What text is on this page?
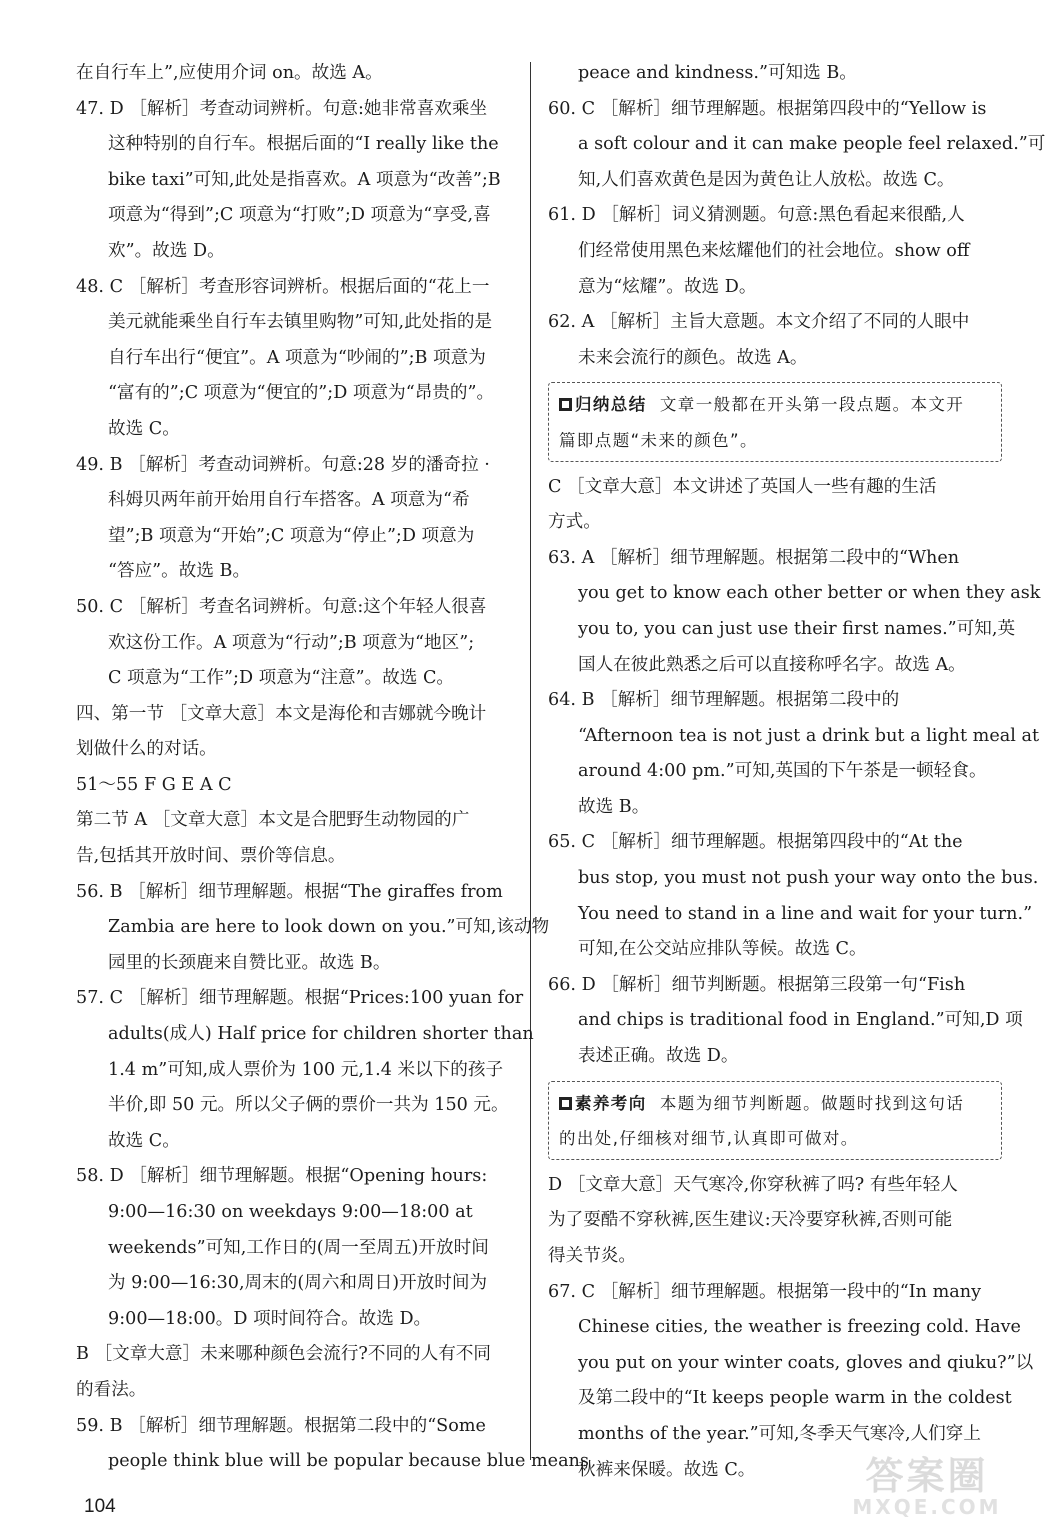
在自行车上”,应使用介词 on。故选 A。
47. D ［解析］考查动词辨析。句意:她非常喜欢乘坐
这种特别的自行车。根据后面的“I really like the
bike taxi”可知,此处是指喜欢。A 项意为“改善”;B
项意为“得到”;C 项意为“打败”;D 项意为“享受,喜
欢”。故选 D。
48. C ［解析］考查形容词辨析。根据后面的“花上一
美元就能乘坐自行车去镇里购物”可知,此处指的是
自行车出行“便宜”。A 项意为“吵闹的”;B 项意为
“富有的”;C 项意为“便宜的”;D 项意为“昂贵的”。
故选 C。
49. B ［解析］考查动词辨析。句意:28 岁的潘奇拉 ·
科姆贝两年前开始用自行车搭客。A 项意为“希
望”;B 项意为“开始”;C 项意为“停止”;D 项意为
“答应”。故选 B。
50. C ［解析］考查名词辨析。句意:这个年轻人很喜
欢这份工作。A 项意为“行动”;B 项意为“地区”;
C 项意为“工作”;D 项意为“注意”。故选 C。
四、第一节 ［文章大意］本文是海伦和吉娜就今晚计
划做什么的对话。
51～55 F G E A C
第二节 A ［文章大意］本文是合肥野生动物园的广
告,包括其开放时间、票价等信息。
56. B ［解析］细节理解题。根据“The giraffes from
Zambia are here to look down on you.”可知,该动物
园里的长颈鹿来自赞比亚。故选 B。
57. C ［解析］细节理解题。根据“Prices:100 yuan for
adults(成人) Half price for children shorter than
1.4 m”可知,成人票价为 100 元,1.4 米以下的孩子
半价,即 50 元。所以父子俩的票价一共为 150 元。
故选 C。
58. D ［解析］细节理解题。根据“Opening hours:
9:00—16:30 on weekdays 9:00—18:00 at
weekends”可知,工作日的(周一至周五)开放时间
为 9:00—16:30,周末的(周六和周日)开放时间为
9:00—18:00。D 项时间符合。故选 D。
B ［文章大意］未来哪种颜色会流行?不同的人有不同
的看法。
59. B ［解析］细节理解题。根据第二段中的“Some
people think blue will be popular because blue means
peace and kindness.”可知选 B。
60. C ［解析］细节理解题。根据第四段中的“Yellow is
a soft colour and it can make people feel relaxed.”可
知,人们喜欢黄色是因为黄色让人放松。故选 C。
61. D ［解析］词义猜测题。句意:黑色看起来很酷,人
们经常使用黑色来炫耀他们的社会地位。show off
意为“炫耀”。故选 D。
62. A ［解析］主旨大意题。本文介绍了不同的人眼中
未来会流行的颜色。故选 A。
归纳总结 文章一般都在开头第一段点题。本文开
篇即点题“未来的颜色”。
C ［文章大意］本文讲述了英国人一些有趣的生活
方式。
63. A ［解析］细节理解题。根据第二段中的“When
you get to know each other better or when they ask
you to, you can just use their first names.”可知,英
国人在彼此熟悉之后可以直接称呼名字。故选 A。
64. B ［解析］细节理解题。根据第二段中的
“Afternoon tea is not just a drink but a light meal at
around 4:00 pm.”可知,英国的下午茶是一顿轻食。
故选 B。
65. C ［解析］细节理解题。根据第四段中的“At the
bus stop, you must not push your way onto the bus.
You need to stand in a line and wait for your turn.”
可知,在公交站应排队等候。故选 C。
66. D ［解析］细节判断题。根据第三段第一句“Fish
and chips is traditional food in England.”可知,D 项
表述正确。故选 D。
素养考向 本题为细节判断题。做题时找到这句话
的出处,仔细核对细节,认真即可做对。
D ［文章大意］天气寒冷,你穿秋裤了吗? 有些年轻人
为了耍酷不穿秋裤,医生建议:天冷要穿秋裤,否则可能
得关节炎。
67. C ［解析］细节理解题。根据第一段中的“In many
Chinese cities, the weather is freezing cold. Have
you put on your winter coats, gloves and qiuku?”以
及第二段中的“It keeps people warm in the coldest
months of the year.”可知,冬季天气寒冷,人们穿上
秋裤来保暖。故选 C。
104
答案圈
MXQE.COM
